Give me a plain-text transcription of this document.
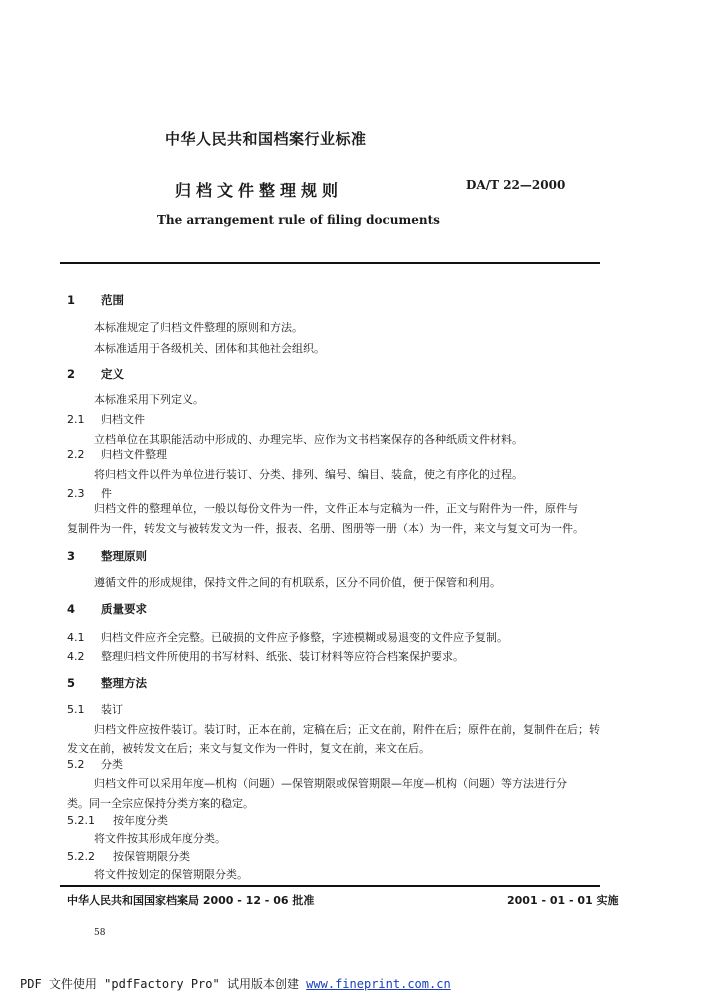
中华人民共和国档案行业标准
归档文件整理规则	DA/T 22—2000
The arrangement rule of filing documents
1 范围
本标准规定了归档文件整理的原则和方法。
本标准适用于各级机关、团体和其他社会组织。
2 定义
本标准采用下列定义。
2.1 归档文件
立档单位在其职能活动中形成的、办理完毕、应作为文书档案保存的各种纸质文件材料。
2.2 归档文件整理
将归档文件以件为单位进行装订、分类、排列、编号、编目、装盒，使之有序化的过程。
2.3 件
归档文件的整理单位，一般以每份文件为一件，文件正本与定稿为一件，正文与附件为一件，原件与
复制件为一件，转发文与被转发文为一件，报表、名册、图册等一册（本）为一件，来文与复文可为一件。
3 整理原则
遵循文件的形成规律，保持文件之间的有机联系，区分不同价值，便于保管和利用。
4 质量要求
4.1 归档文件应齐全完整。已破损的文件应予修整，字迹模糊或易退变的文件应予复制。
4.2 整理归档文件所使用的书写材料、纸张、装订材料等应符合档案保护要求。
5 整理方法
5.1 装订
归档文件应按件装订。装订时，正本在前，定稿在后；正文在前，附件在后；原件在前，复制件在后；转
发文在前，被转发文在后；来文与复文作为一件时，复文在前，来文在后。
5.2 分类
归档文件可以采用年度—机构（问题）—保管期限或保管期限—年度—机构（问题）等方法进行分
类。同一全宗应保持分类方案的稳定。
5.2.1 按年度分类
将文件按其形成年度分类。
5.2.2 按保管期限分类
将文件按划定的保管期限分类。
中华人民共和国国家档案局 2000 - 12 - 06 批准	2001 - 01 - 01 实施
58
PDF 文件使用 "pdfFactory Pro" 试用版本创建 www.fineprint.com.cn
